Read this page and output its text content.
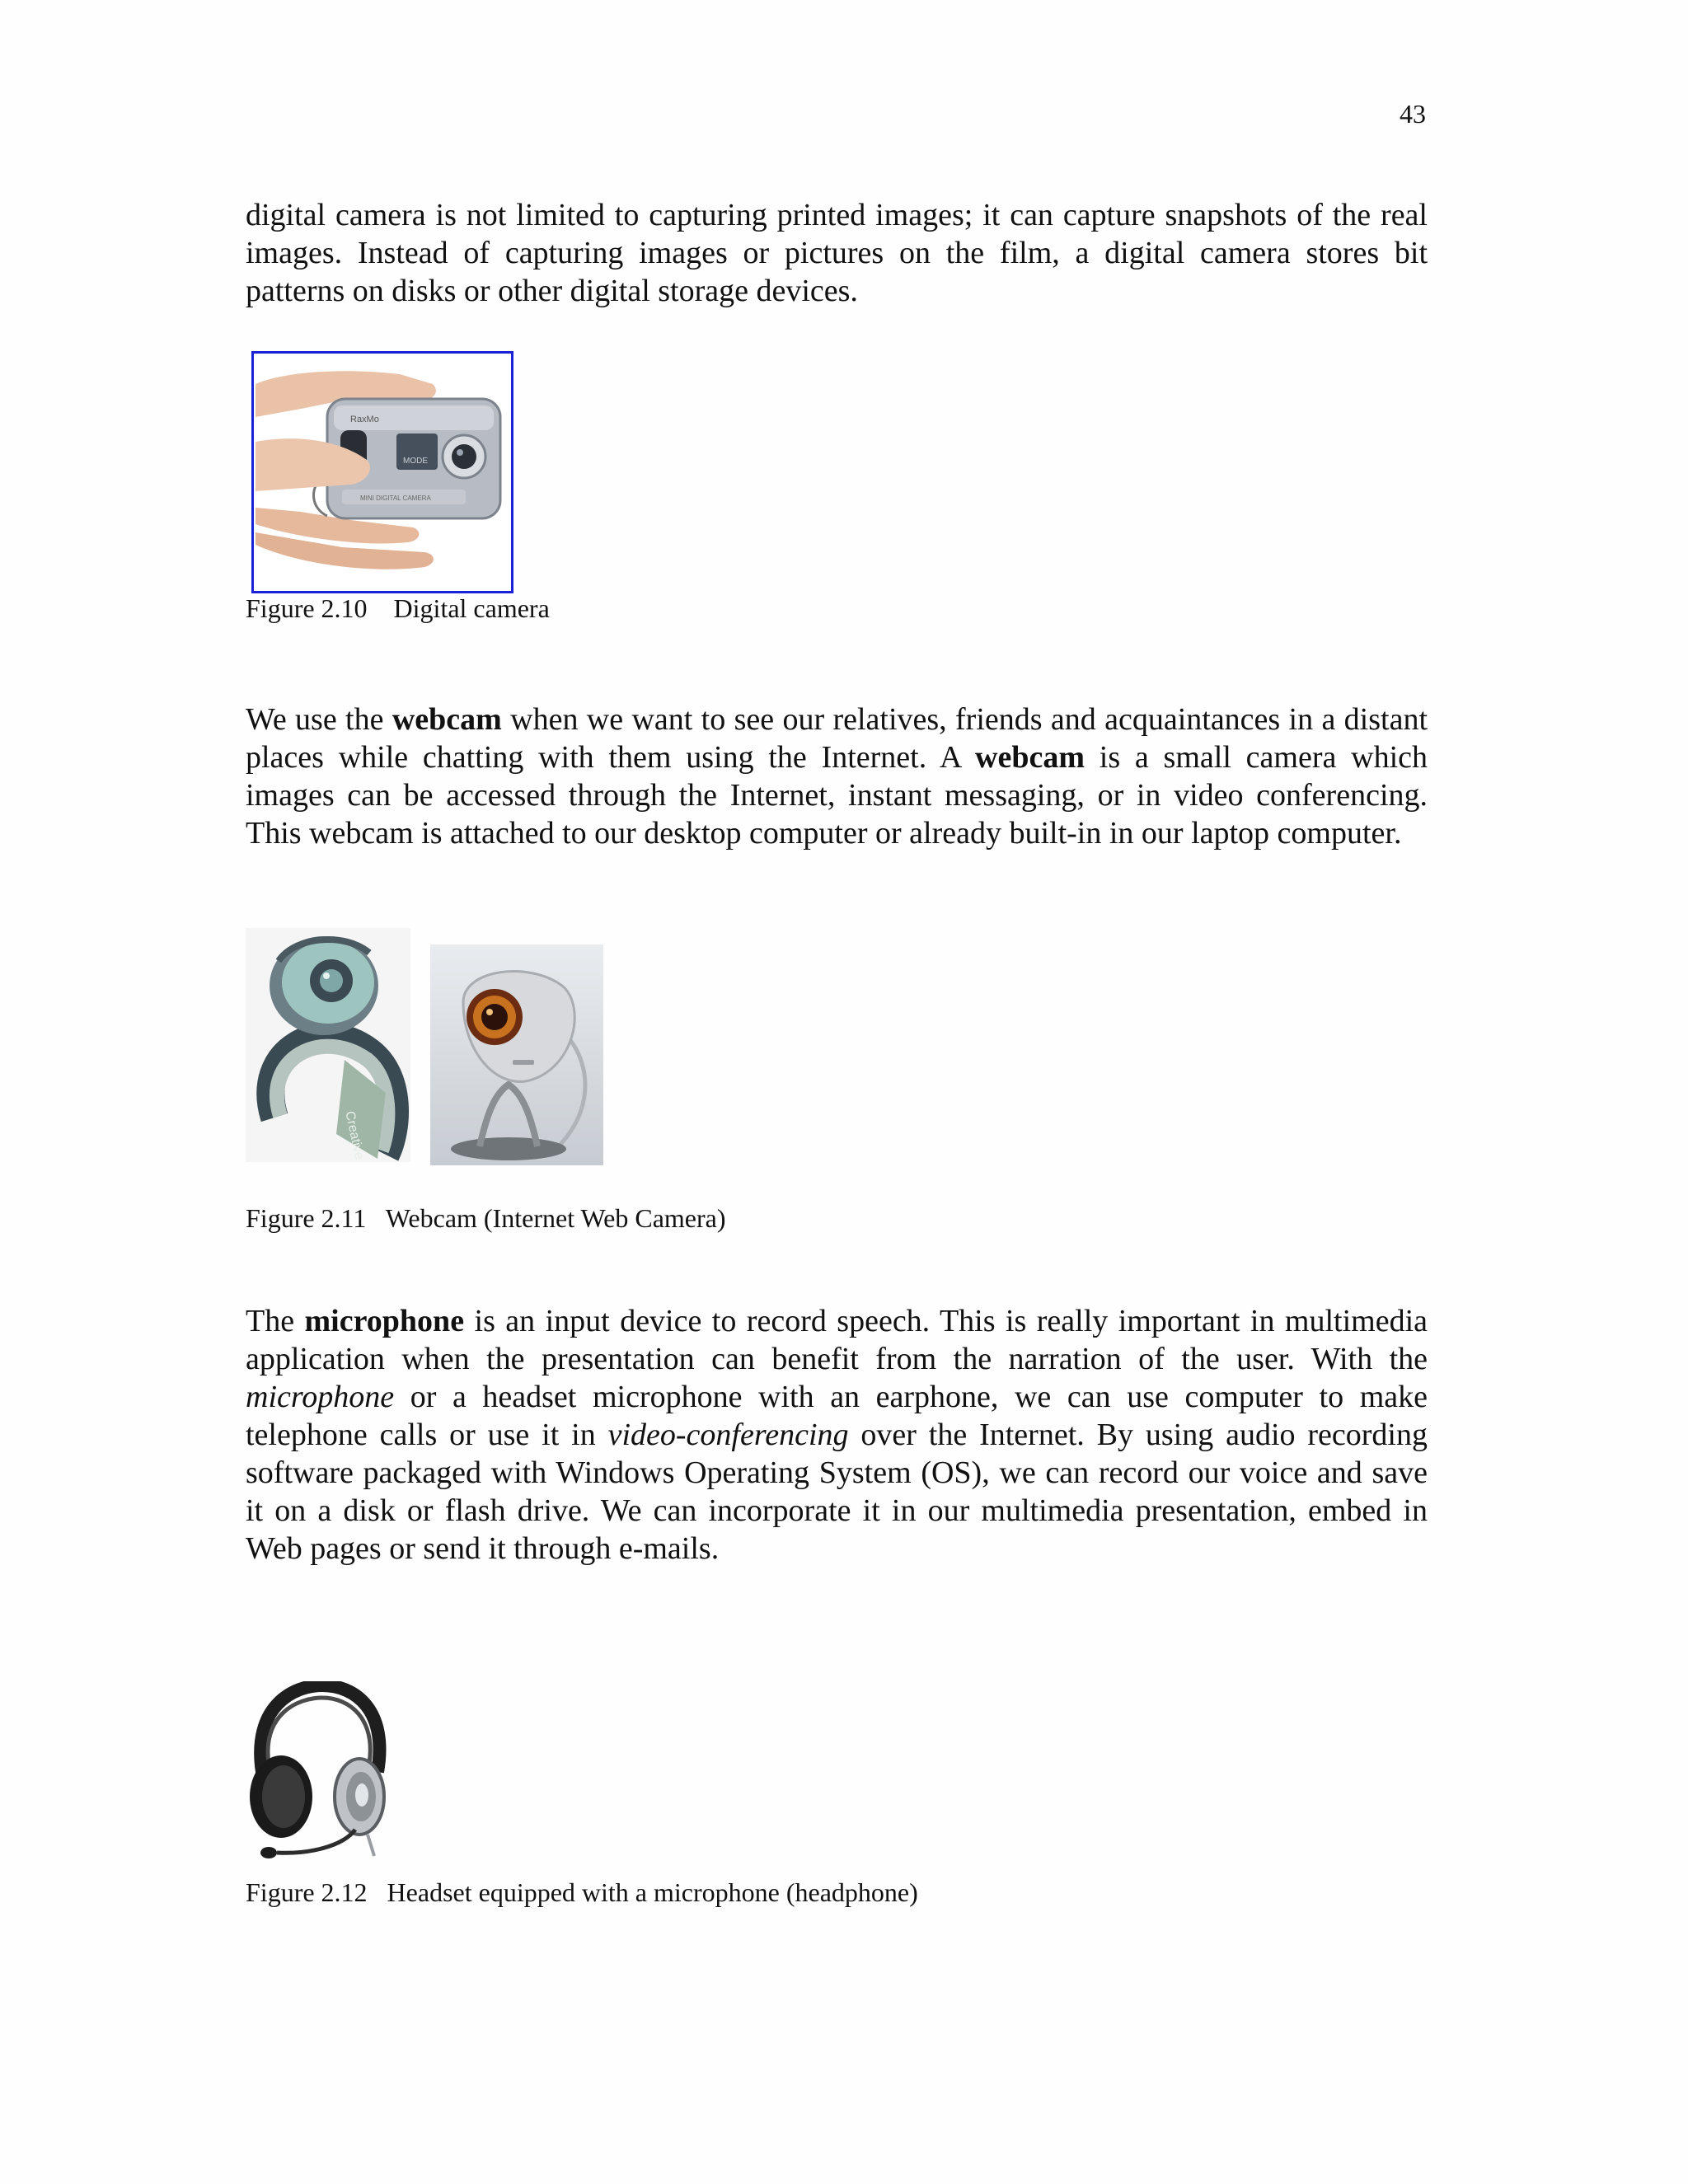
43

digital camera is not limited to capturing printed images; it can capture snapshots of the real images. Instead of capturing images or pictures on the film, a digital camera stores bit patterns on disks or other digital storage devices.

RaxMo
MODE
MINI DIGITAL CAMERA
Figure 2.10 Digital camera

We use the webcam when we want to see our relatives, friends and acquaintances in a distant places while chatting with them using the Internet. A webcam is a small camera which images can be accessed through the Internet, instant messaging, or in video conferencing. This webcam is attached to our desktop computer or already built-in in our laptop computer.

Creative
Figure 2.11 Webcam (Internet Web Camera)

The microphone is an input device to record speech. This is really important in multimedia application when the presentation can benefit from the narration of the user. With the microphone or a headset microphone with an earphone, we can use computer to make telephone calls or use it in video-conferencing over the Internet. By using audio recording software packaged with Windows Operating System (OS), we can record our voice and save it on a disk or flash drive. We can incorporate it in our multimedia presentation, embed in Web pages or send it through e-mails.

Figure 2.12 Headset equipped with a microphone (headphone)
